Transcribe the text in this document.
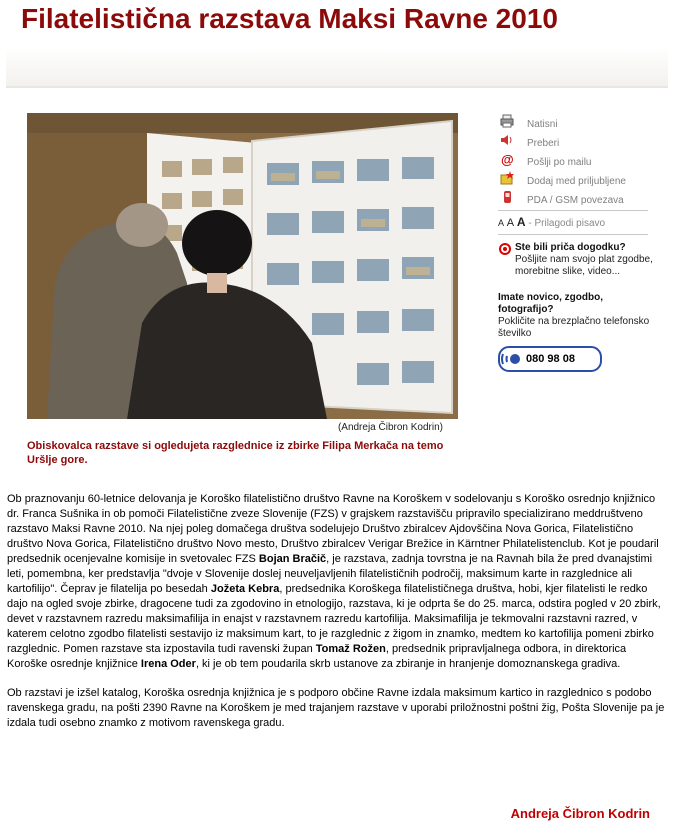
Filatelistična razstava Maksi Ravne 2010
(Andreja Čibron Kodrin)
Obiskovalca razstave si ogledujeta razglednice iz zbirke Filipa Merkača na temo Uršlje gore.
Natisni
Preberi
@ Pošlji po mailu
Dodaj med priljubljene
PDA / GSM povezava
A A A - Prilagodi pisavo
Ste bili priča dogodku?
Pošljite nam svojo plat zgodbe, morebitne slike, video...
Imate novico, zgodbo, fotografijo?
Pokličite na brezplačno telefonsko številko
080 98 08

Ob praznovanju 60-letnice delovanja je Koroško filatelistično društvo Ravne na Koroškem v sodelovanju s Koroško osrednjo knjižnico dr. Franca Sušnika in ob pomoči Filatelistične zveze Slovenije (FZS) v grajskem razstavišču pripravilo specializirano meddruštveno razstavo Maksi Ravne 2010. Na njej poleg domačega društva sodelujejo Društvo zbiralcev Ajdovščina Nova Gorica, Filatelistično društvo Nova Gorica, Filatelistično društvo Novo mesto, Društvo zbiralcev Verigar Brežice in Kärntner Philatelistenclub. Kot je poudaril predsednik ocenjevalne komisije in svetovalec FZS Bojan Bračič, je razstava, zadnja tovrstna je na Ravnah bila že pred dvanajstimi leti, pomembna, ker predstavlja "dvoje v Slovenije doslej neuveljavljenih filatelističnih področij, maksimum karte in razglednice ali kartofilijo". Čeprav je filatelija po besedah Jožeta Kebra, predsednika Koroškega filatelističnega društva, hobi, kjer filatelisti le redko dajo na ogled svoje zbirke, dragocene tudi za zgodovino in etnologijo, razstava, ki je odprta še do 25. marca, odstira pogled v 20 zbirk, devet v razstavnem razredu maksimafilija in enajst v razstavnem razredu kartofilija. Maksimafilija je tekmovalni razstavni razred, v katerem celotno zgodbo filatelisti sestavijo iz maksimum kart, to je razglednic z žigom in znamko, medtem ko kartofilija pomeni zbirko razglednic. Pomen razstave sta izpostavila tudi ravenski župan Tomaž Rožen, predsednik pripravljalnega odbora, in direktorica Koroške osrednje knjižnice Irena Oder, ki je ob tem poudarila skrb ustanove za zbiranje in hranjenje domoznanskega gradiva.

Ob razstavi je izšel katalog, Koroška osrednja knjižnica je s podporo občine Ravne izdala maksimum kartico in razglednico s podobo ravenskega gradu, na pošti 2390 Ravne na Koroškem je med trajanjem razstave v uporabi priložnostni poštni žig, Pošta Slovenije pa je izdala tudi osebno znamko z motivom ravenskega gradu.

Andreja Čibron Kodrin
